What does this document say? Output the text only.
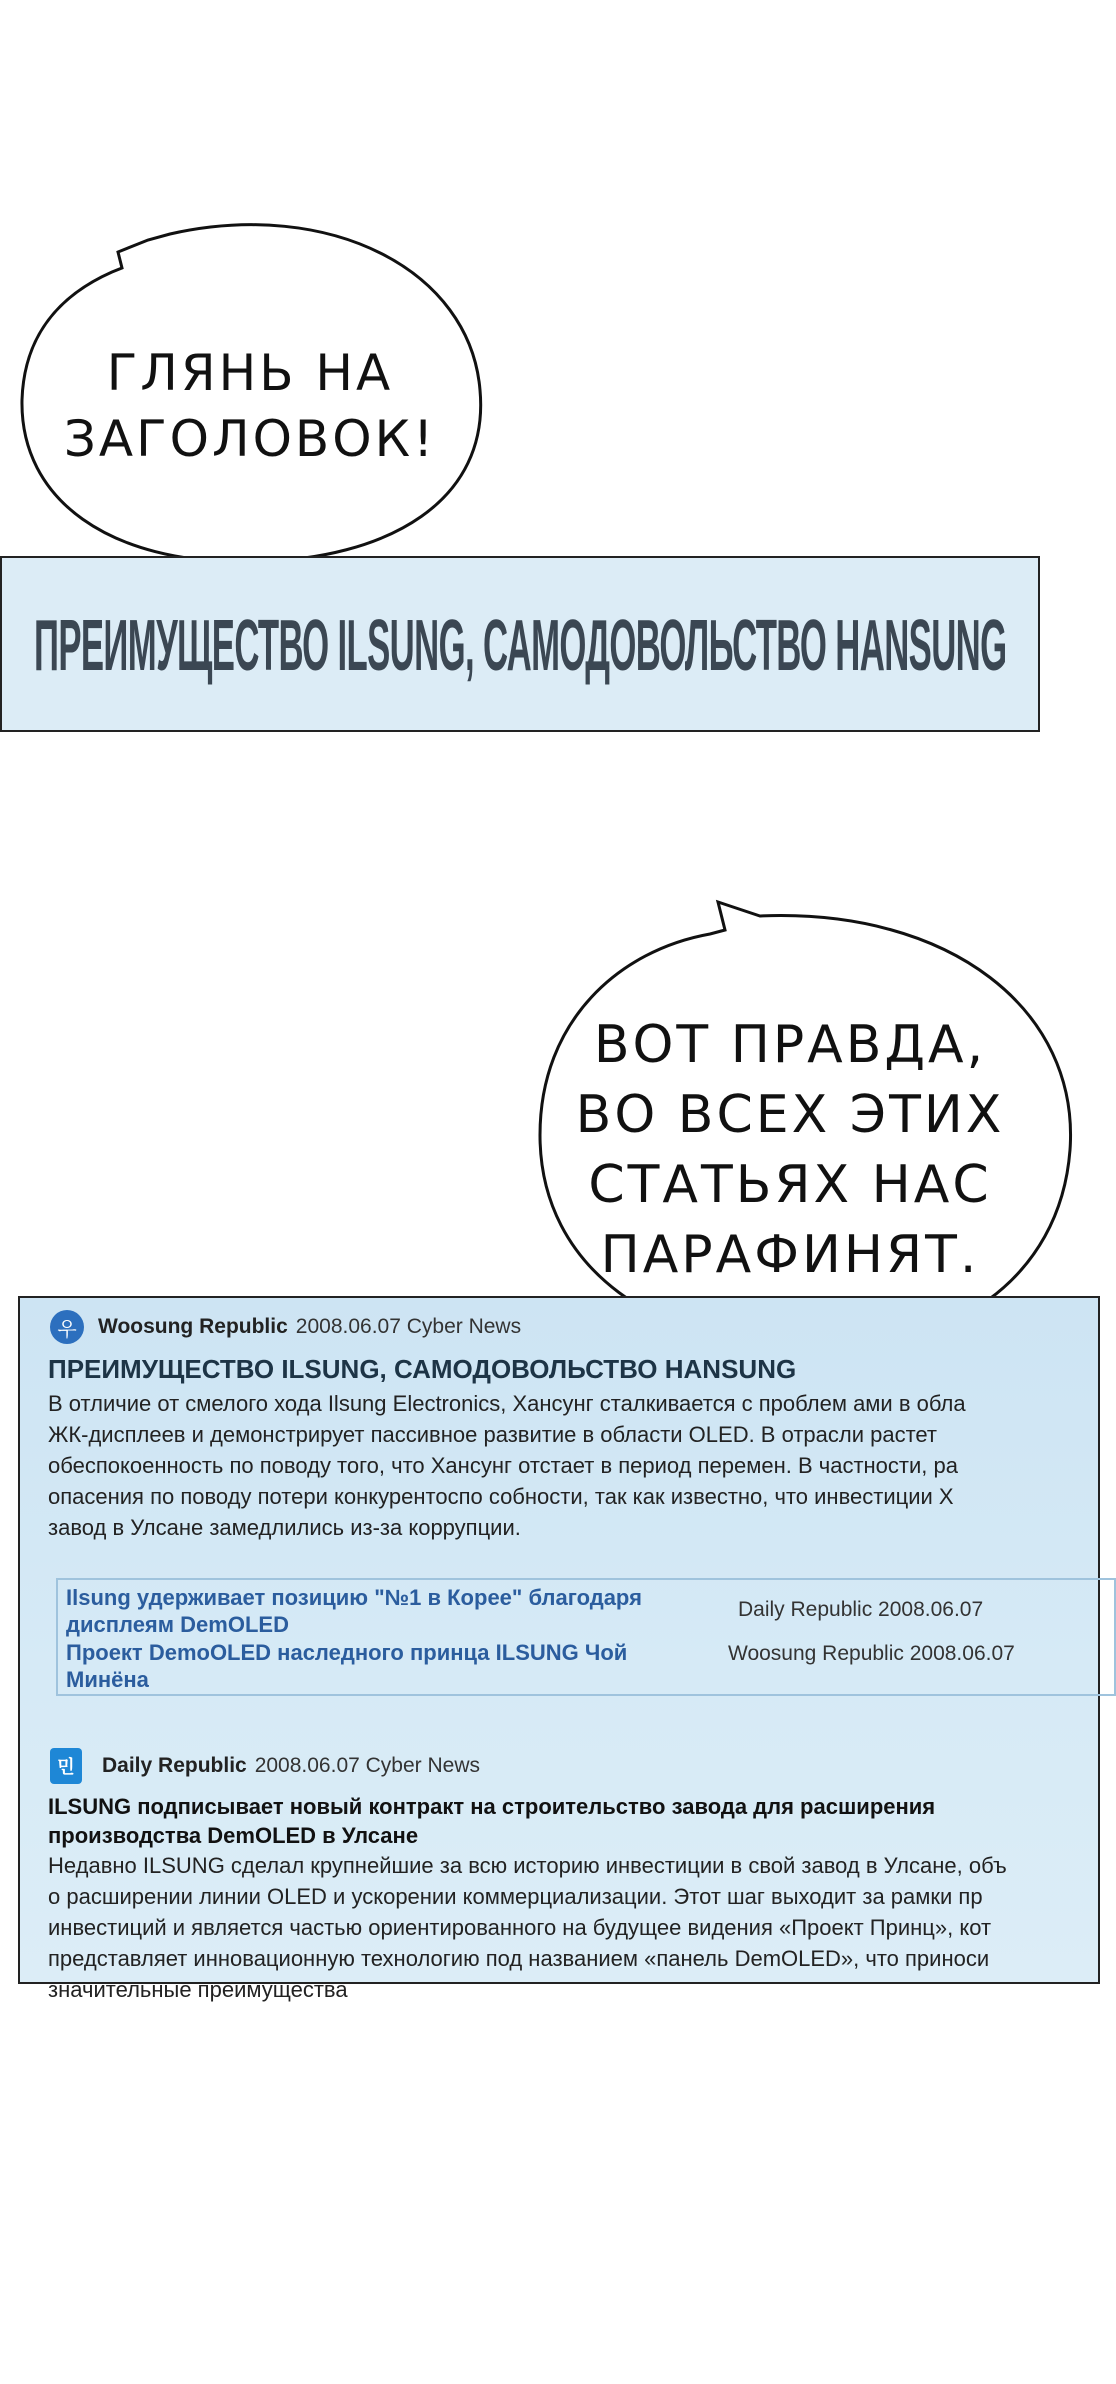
ГЛЯНЬ НА
ЗАГОЛОВОК!
ПРЕИМУЩЕСТВО ILSUNG, САМОДОВОЛЬСТВО HANSUNG
ВОТ ПРАВДА,
ВО ВСЕХ ЭТИХ
СТАТЬЯХ НАС
ПАРАФИНЯТ.
우	Woosung Republic 2008.06.07 Cyber News
ПРЕИМУЩЕСТВО ILSUNG, САМОДОВОЛЬСТВО HANSUNG
В отличие от смелого хода Ilsung Electronics, Хансунг сталкивается с проблем ами в обла
ЖК-дисплеев и демонстрирует пассивное развитие в области OLED. В отрасли растет
обеспокоенность по поводу того, что Хансунг отстает в период перемен. В частности, ра
опасения по поводу потери конкурентоспо собности, так как известно, что инвестиции Х
завод в Улсане замедлились из-за коррупции.
Ilsung удерживает позицию "№1 в Корее" благодаря
дисплеям DemOLED
Daily Republic 2008.06.07
Проект DemoOLED наследного принца ILSUNG Чой
Минёна
Woosung Republic 2008.06.07
민	Daily Republic 2008.06.07 Cyber News
ILSUNG подписывает новый контракт на строительство завода для расширения
производства DemOLED в Улсане
Недавно ILSUNG сделал крупнейшие за всю историю инвестиции в свой завод в Улсане, объ
о расширении линии OLED и ускорении коммерциализации. Этот шаг выходит за рамки пр
инвестиций и является частью ориентированного на будущее видения «Проект Принц», кот
представляет инновационную технологию под названием «панель DemOLED», что приноси
значительные преимущества
